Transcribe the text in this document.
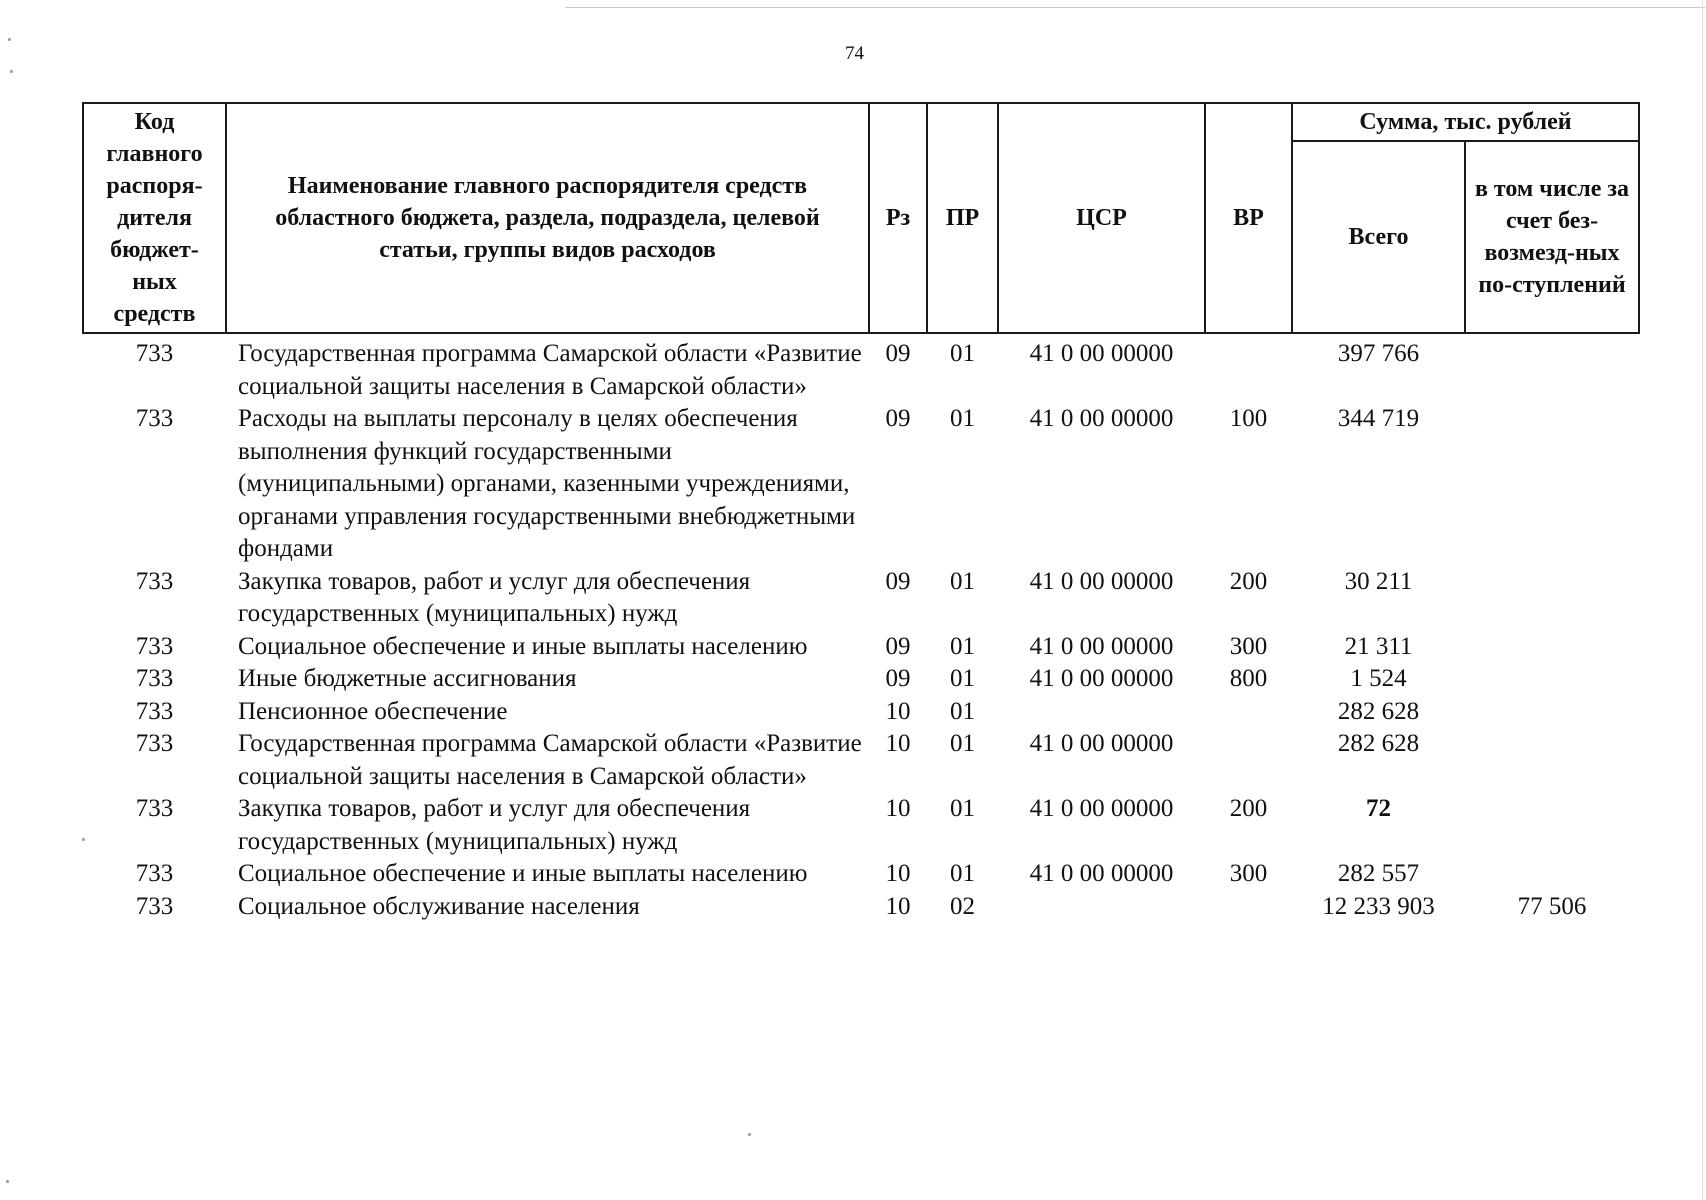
74
Код главного распоря-дителя бюджет-ных средств	Наименование главного распорядителя средств областного бюджета, раздела, подраздела, целевой статьи, группы видов расходов	Рз	ПР	ЦСР	ВР	Сумма, тыс. рублей	
						Всего	в том числе за счет без-возмезд-ных по-ступлений
733	Государственная программа Самарской области «Развитие социальной защиты населения в Самарской области»	09	01	41 0 00 00000		397 766	
733	Расходы на выплаты персоналу в целях обеспечения выполнения функций государственными (муниципальными) органами, казенными учреждениями, органами управления государственными внебюджетными фондами	09	01	41 0 00 00000	100	344 719	
733	Закупка товаров, работ и услуг для обеспечения государственных (муниципальных) нужд	09	01	41 0 00 00000	200	30 211	
733	Социальное обеспечение и иные выплаты населению	09	01	41 0 00 00000	300	21 311	
733	Иные бюджетные ассигнования	09	01	41 0 00 00000	800	1 524	
733	Пенсионное обеспечение	10	01			282 628	
733	Государственная программа Самарской области «Развитие социальной защиты населения в Самарской области»	10	01	41 0 00 00000		282 628	
733	Закупка товаров, работ и услуг для обеспечения государственных (муниципальных) нужд	10	01	41 0 00 00000	200	72	
733	Социальное обеспечение и иные выплаты населению	10	01	41 0 00 00000	300	282 557	
733	Социальное обслуживание населения	10	02			12 233 903	77 506
